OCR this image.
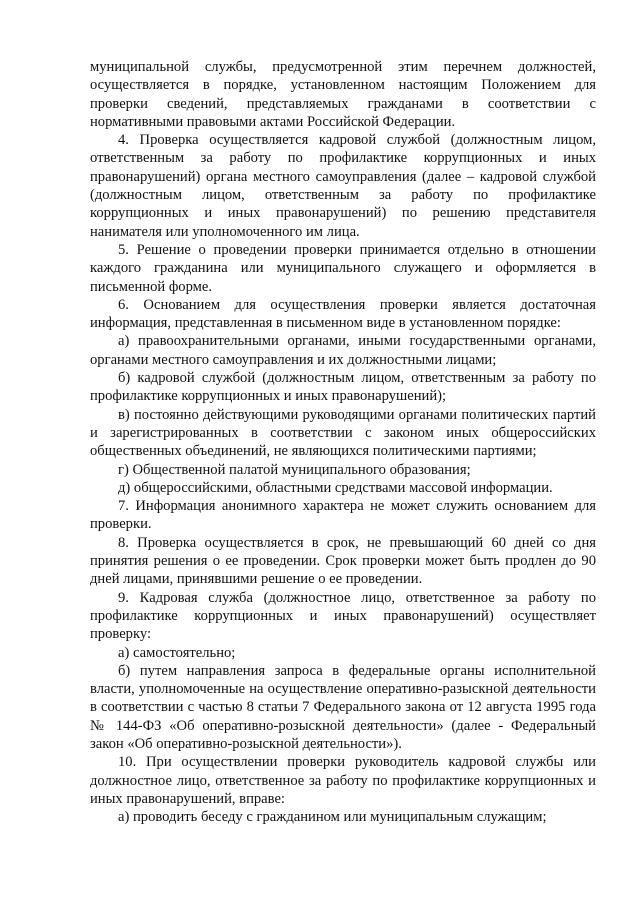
муниципальной службы, предусмотренной этим перечнем должностей, осуществляется в порядке, установленном настоящим Положением для проверки сведений, представляемых гражданами в соответствии с нормативными правовыми актами Российской Федерации.

4. Проверка осуществляется кадровой службой (должностным лицом, ответственным за работу по профилактике коррупционных и иных правонарушений) органа местного самоуправления (далее – кадровой службой (должностным лицом, ответственным за работу по профилактике коррупционных и иных правонарушений) по решению представителя нанимателя или уполномоченного им лица.

5. Решение о проведении проверки принимается отдельно в отношении каждого гражданина или муниципального служащего и оформляется в письменной форме.

6. Основанием для осуществления проверки является достаточная информация, представленная в письменном виде в установленном порядке:

а) правоохранительными органами, иными государственными органами, органами местного самоуправления и их должностными лицами;

б) кадровой службой (должностным лицом, ответственным за работу по профилактике коррупционных и иных правонарушений);

в) постоянно действующими руководящими органами политических партий и зарегистрированных в соответствии с законом иных общероссийских общественных объединений, не являющихся политическими партиями;

г) Общественной палатой муниципального образования;

д) общероссийскими, областными средствами массовой информации.

7. Информация анонимного характера не может служить основанием для проверки.

8. Проверка осуществляется в срок, не превышающий 60 дней со дня принятия решения о ее проведении. Срок проверки может быть продлен до 90 дней лицами, принявшими решение о ее проведении.

9. Кадровая служба (должностное лицо, ответственное за работу по профилактике коррупционных и иных правонарушений) осуществляет проверку:

а) самостоятельно;

б) путем направления запроса в федеральные органы исполнительной власти, уполномоченные на осуществление оперативно-разыскной деятельности в соответствии с частью 8 статьи 7 Федерального закона от 12 августа 1995 года № 144-ФЗ «Об оперативно-розыскной деятельности» (далее - Федеральный закон «Об оперативно-розыскной деятельности»).

10. При осуществлении проверки руководитель кадровой службы или должностное лицо, ответственное за работу по профилактике коррупционных и иных правонарушений, вправе:

а) проводить беседу с гражданином или муниципальным служащим;
